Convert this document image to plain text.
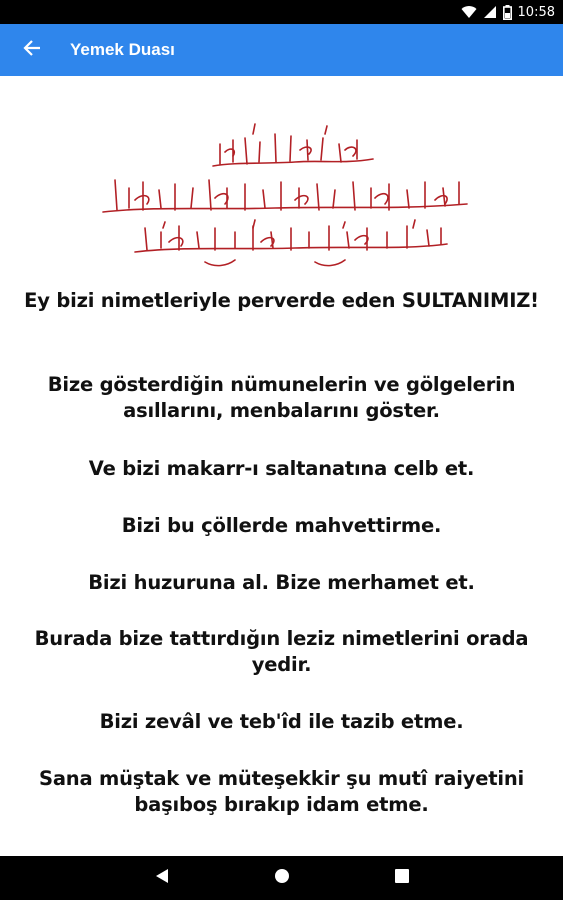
10:58
Yemek Duası
Ey bizi nimetleriyle perverde eden SULTANIMIZ!
Bize gösterdiğin nümunelerin ve gölgelerin asıllarını, menbalarını göster.
Ve bizi makarr-ı saltanatına celb et.
Bizi bu çöllerde mahvettirme.
Bizi huzuruna al. Bize merhamet et.
Burada bize tattırdığın leziz nimetlerini orada yedir.
Bizi zevâl ve teb'îd ile tazib etme.
Sana müştak ve müteşekkir şu mutî raiyetini başıboş bırakıp idam etme.
